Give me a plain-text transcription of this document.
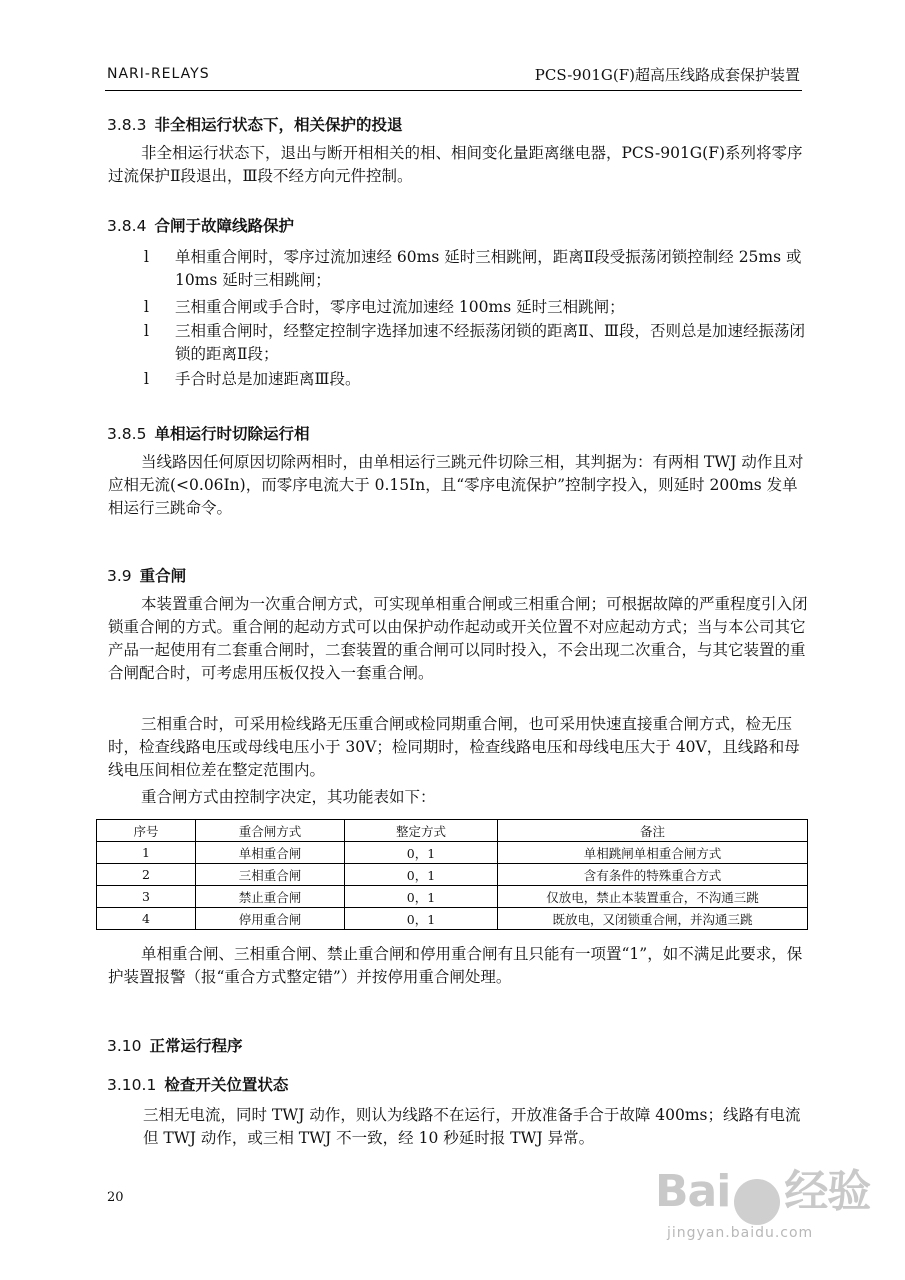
NARI-RELAYS	PCS-901G(F)超高压线路成套保护装置
3.8.3 非全相运行状态下，相关保护的投退
非全相运行状态下，退出与断开相相关的相、相间变化量距离继电器，PCS-901G(F)系列将零序过流保护Ⅱ段退出，Ⅲ段不经方向元件控制。
3.8.4 合闸于故障线路保护
l 单相重合闸时，零序过流加速经 60ms 延时三相跳闸，距离Ⅱ段受振荡闭锁控制经 25ms 或 10ms 延时三相跳闸；
l 三相重合闸或手合时，零序电过流加速经 100ms 延时三相跳闸；
l 三相重合闸时，经整定控制字选择加速不经振荡闭锁的距离Ⅱ、Ⅲ段，否则总是加速经振荡闭锁的距离Ⅱ段；
l 手合时总是加速距离Ⅲ段。
3.8.5 单相运行时切除运行相
当线路因任何原因切除两相时，由单相运行三跳元件切除三相，其判据为：有两相 TWJ 动作且对应相无流(<0.06In)，而零序电流大于 0.15In，且“零序电流保护”控制字投入，则延时 200ms 发单相运行三跳命令。
3.9 重合闸
本装置重合闸为一次重合闸方式，可实现单相重合闸或三相重合闸；可根据故障的严重程度引入闭锁重合闸的方式。重合闸的起动方式可以由保护动作起动或开关位置不对应起动方式；当与本公司其它产品一起使用有二套重合闸时，二套装置的重合闸可以同时投入，不会出现二次重合，与其它装置的重合闸配合时，可考虑用压板仅投入一套重合闸。
三相重合时，可采用检线路无压重合闸或检同期重合闸，也可采用快速直接重合闸方式，检无压时，检查线路电压或母线电压小于 30V；检同期时，检查线路电压和母线电压大于 40V，且线路和母线电压间相位差在整定范围内。
重合闸方式由控制字决定，其功能表如下：
序号	重合闸方式	整定方式	备注
1	单相重合闸	0，1	单相跳闸单相重合闸方式
2	三相重合闸	0，1	含有条件的特殊重合方式
3	禁止重合闸	0，1	仅放电，禁止本装置重合，不沟通三跳
4	停用重合闸	0，1	既放电，又闭锁重合闸，并沟通三跳
单相重合闸、三相重合闸、禁止重合闸和停用重合闸有且只能有一项置“1”，如不满足此要求，保护装置报警（报“重合方式整定错”）并按停用重合闸处理。
3.10 正常运行程序
3.10.1 检查开关位置状态
三相无电流，同时 TWJ 动作，则认为线路不在运行，开放准备手合于故障 400ms；线路有电流但 TWJ 动作，或三相 TWJ 不一致，经 10 秒延时报 TWJ 异常。
20	Bai 经验
jingyan.baidu.com
